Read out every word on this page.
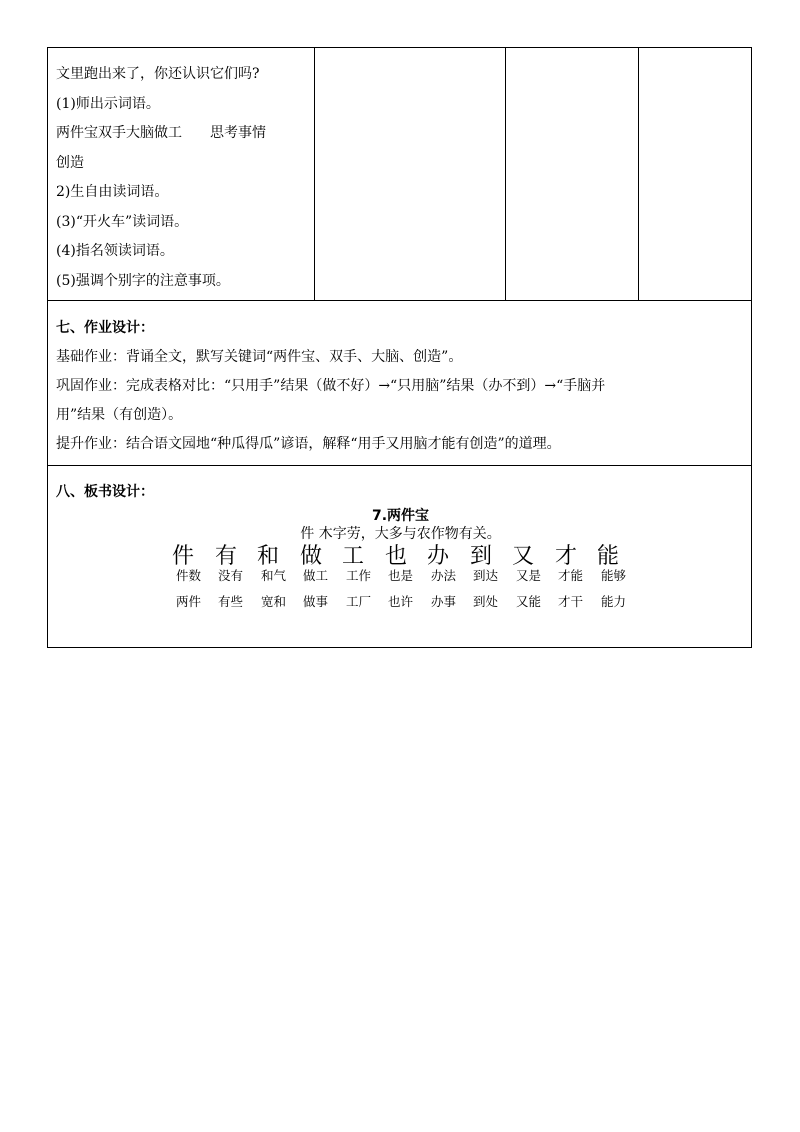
文里跑出来了，你还认识它们吗?
(1)师出示词语。
两件宝双手大脑做工　　思考事情
创造
2)生自由读词语。
(3)“开火车”读词语。
(4)指名领读词语。
(5)强调个别字的注意事项。
七、作业设计：
基础作业：背诵全文，默写关键词“两件宝、双手、大脑、创造”。
巩固作业：完成表格对比：“只用手”结果（做不好）→“只用脑”结果（办不到）→“手脑并
用”结果（有创造）。
提升作业：结合语文园地“种瓜得瓜”谚语，解释“用手又用脑才能有创造”的道理。
八、板书设计：
7.两件宝
件 木字劳，大多与农作物有关。
件 有 和 做 工 也 办 到 又 才 能
件数 没有 和气 做工 工作 也是 办法 到达 又是 才能 能够
两件 有些 宽和 做事 工厂 也许 办事 到处 又能 才干 能力
